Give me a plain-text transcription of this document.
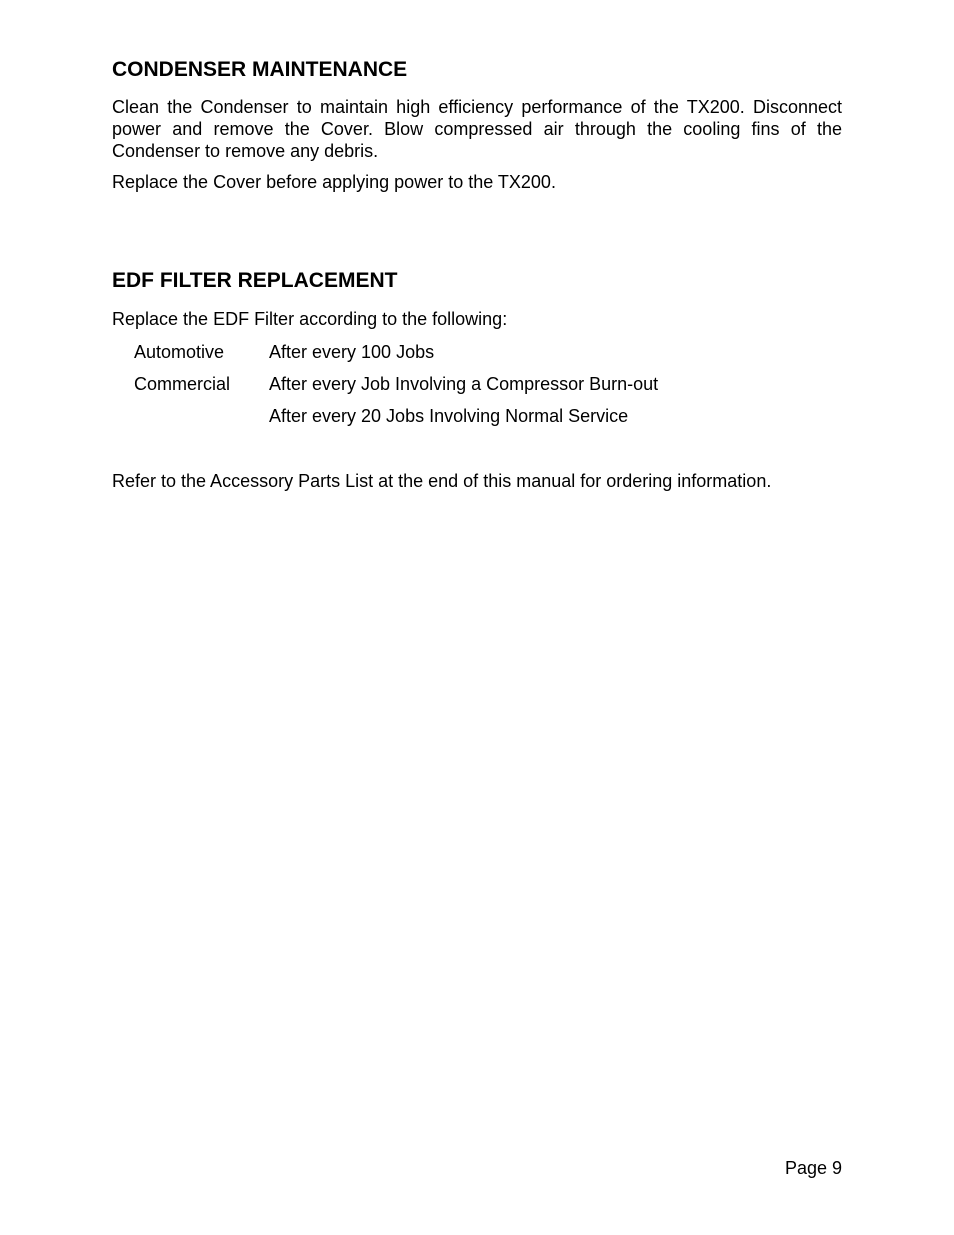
CONDENSER MAINTENANCE

Clean the Condenser to maintain high efficiency performance of the TX200. Disconnect power and remove the Cover. Blow compressed air through the cooling fins of the Condenser to remove any debris.

Replace the Cover before applying power to the TX200.

EDF FILTER REPLACEMENT

Replace the EDF Filter according to the following:

Automotive After every 100 Jobs
Commercial After every Job Involving a Compressor Burn-out
After every 20 Jobs Involving Normal Service

Refer to the Accessory Parts List at the end of this manual for ordering information.

Page 9
